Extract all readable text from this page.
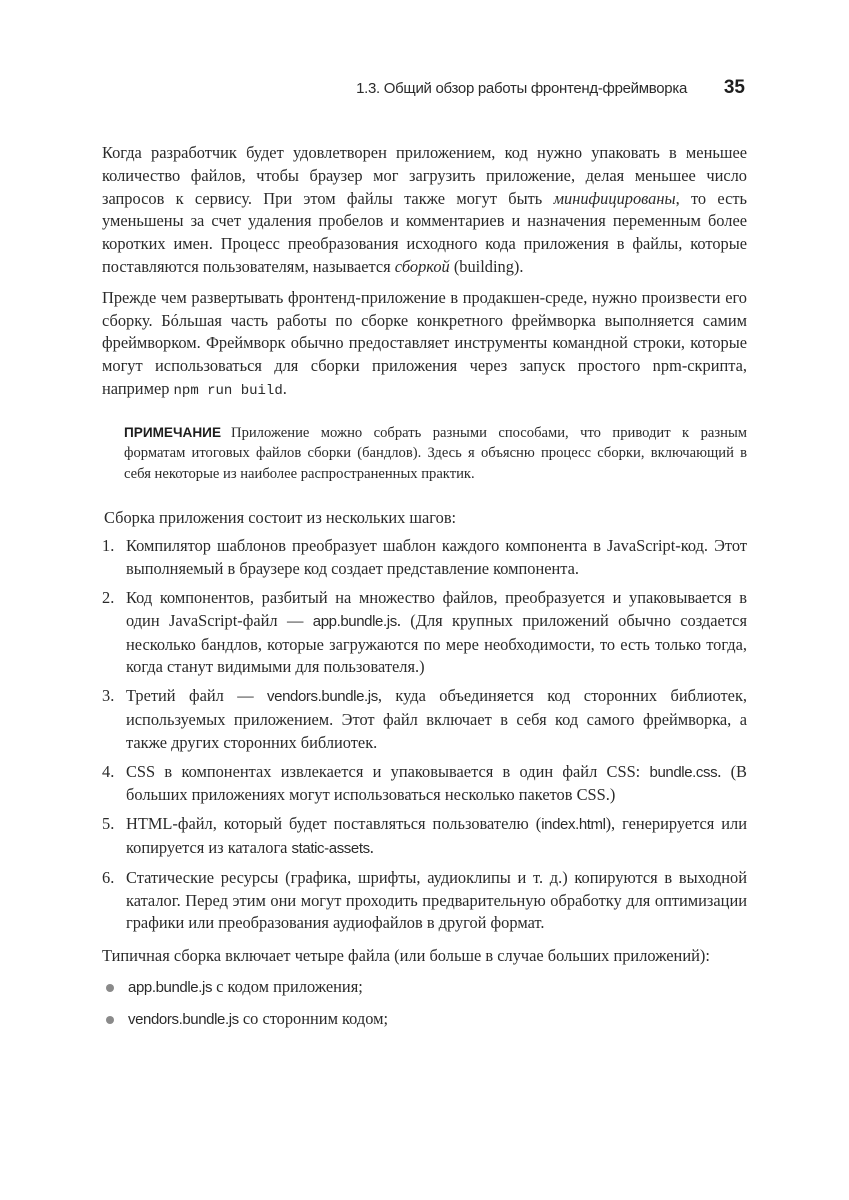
1.3. Общий обзор работы фронтенд-фреймворка 35

Когда разработчик будет удовлетворен приложением, код нужно упаковать в меньшее количество файлов, чтобы браузер мог загрузить приложение, делая меньшее число запросов к сервису. При этом файлы также могут быть минифицированы, то есть уменьшены за счет удаления пробелов и комментариев и назначения переменным более коротких имен. Процесс преобразования исходного кода приложения в файлы, которые поставляются пользователям, называется сборкой (building).

Прежде чем развертывать фронтенд-приложение в продакшен-среде, нужно произвести его сборку. Бóльшая часть работы по сборке конкретного фреймворка выполняется самим фреймворком. Фреймворк обычно предоставляет инструменты командной строки, которые могут использоваться для сборки приложения через запуск простого npm-скрипта, например npm run build.

ПРИМЕЧАНИЕ Приложение можно собрать разными способами, что приводит к разным форматам итоговых файлов сборки (бандлов). Здесь я объясню процесс сборки, включающий в себя некоторые из наиболее распространенных практик.

Сборка приложения состоит из нескольких шагов:

1. Компилятор шаблонов преобразует шаблон каждого компонента в JavaScript-код. Этот выполняемый в браузере код создает представление компонента.
2. Код компонентов, разбитый на множество файлов, преобразуется и упаковывается в один JavaScript-файл — app.bundle.js. (Для крупных приложений обычно создается несколько бандлов, которые загружаются по мере необходимости, то есть только тогда, когда станут видимыми для пользователя.)
3. Третий файл — vendors.bundle.js, куда объединяется код сторонних библиотек, используемых приложением. Этот файл включает в себя код самого фреймворка, а также других сторонних библиотек.
4. CSS в компонентах извлекается и упаковывается в один файл CSS: bundle.css. (В больших приложениях могут использоваться несколько пакетов CSS.)
5. HTML-файл, который будет поставляться пользователю (index.html), генерируется или копируется из каталога static-assets.
6. Статические ресурсы (графика, шрифты, аудиоклипы и т. д.) копируются в выходной каталог. Перед этим они могут проходить предварительную обработку для оптимизации графики или преобразования аудиофайлов в другой формат.

Типичная сборка включает четыре файла (или больше в случае больших приложений):

app.bundle.js с кодом приложения;
vendors.bundle.js со сторонним кодом;
